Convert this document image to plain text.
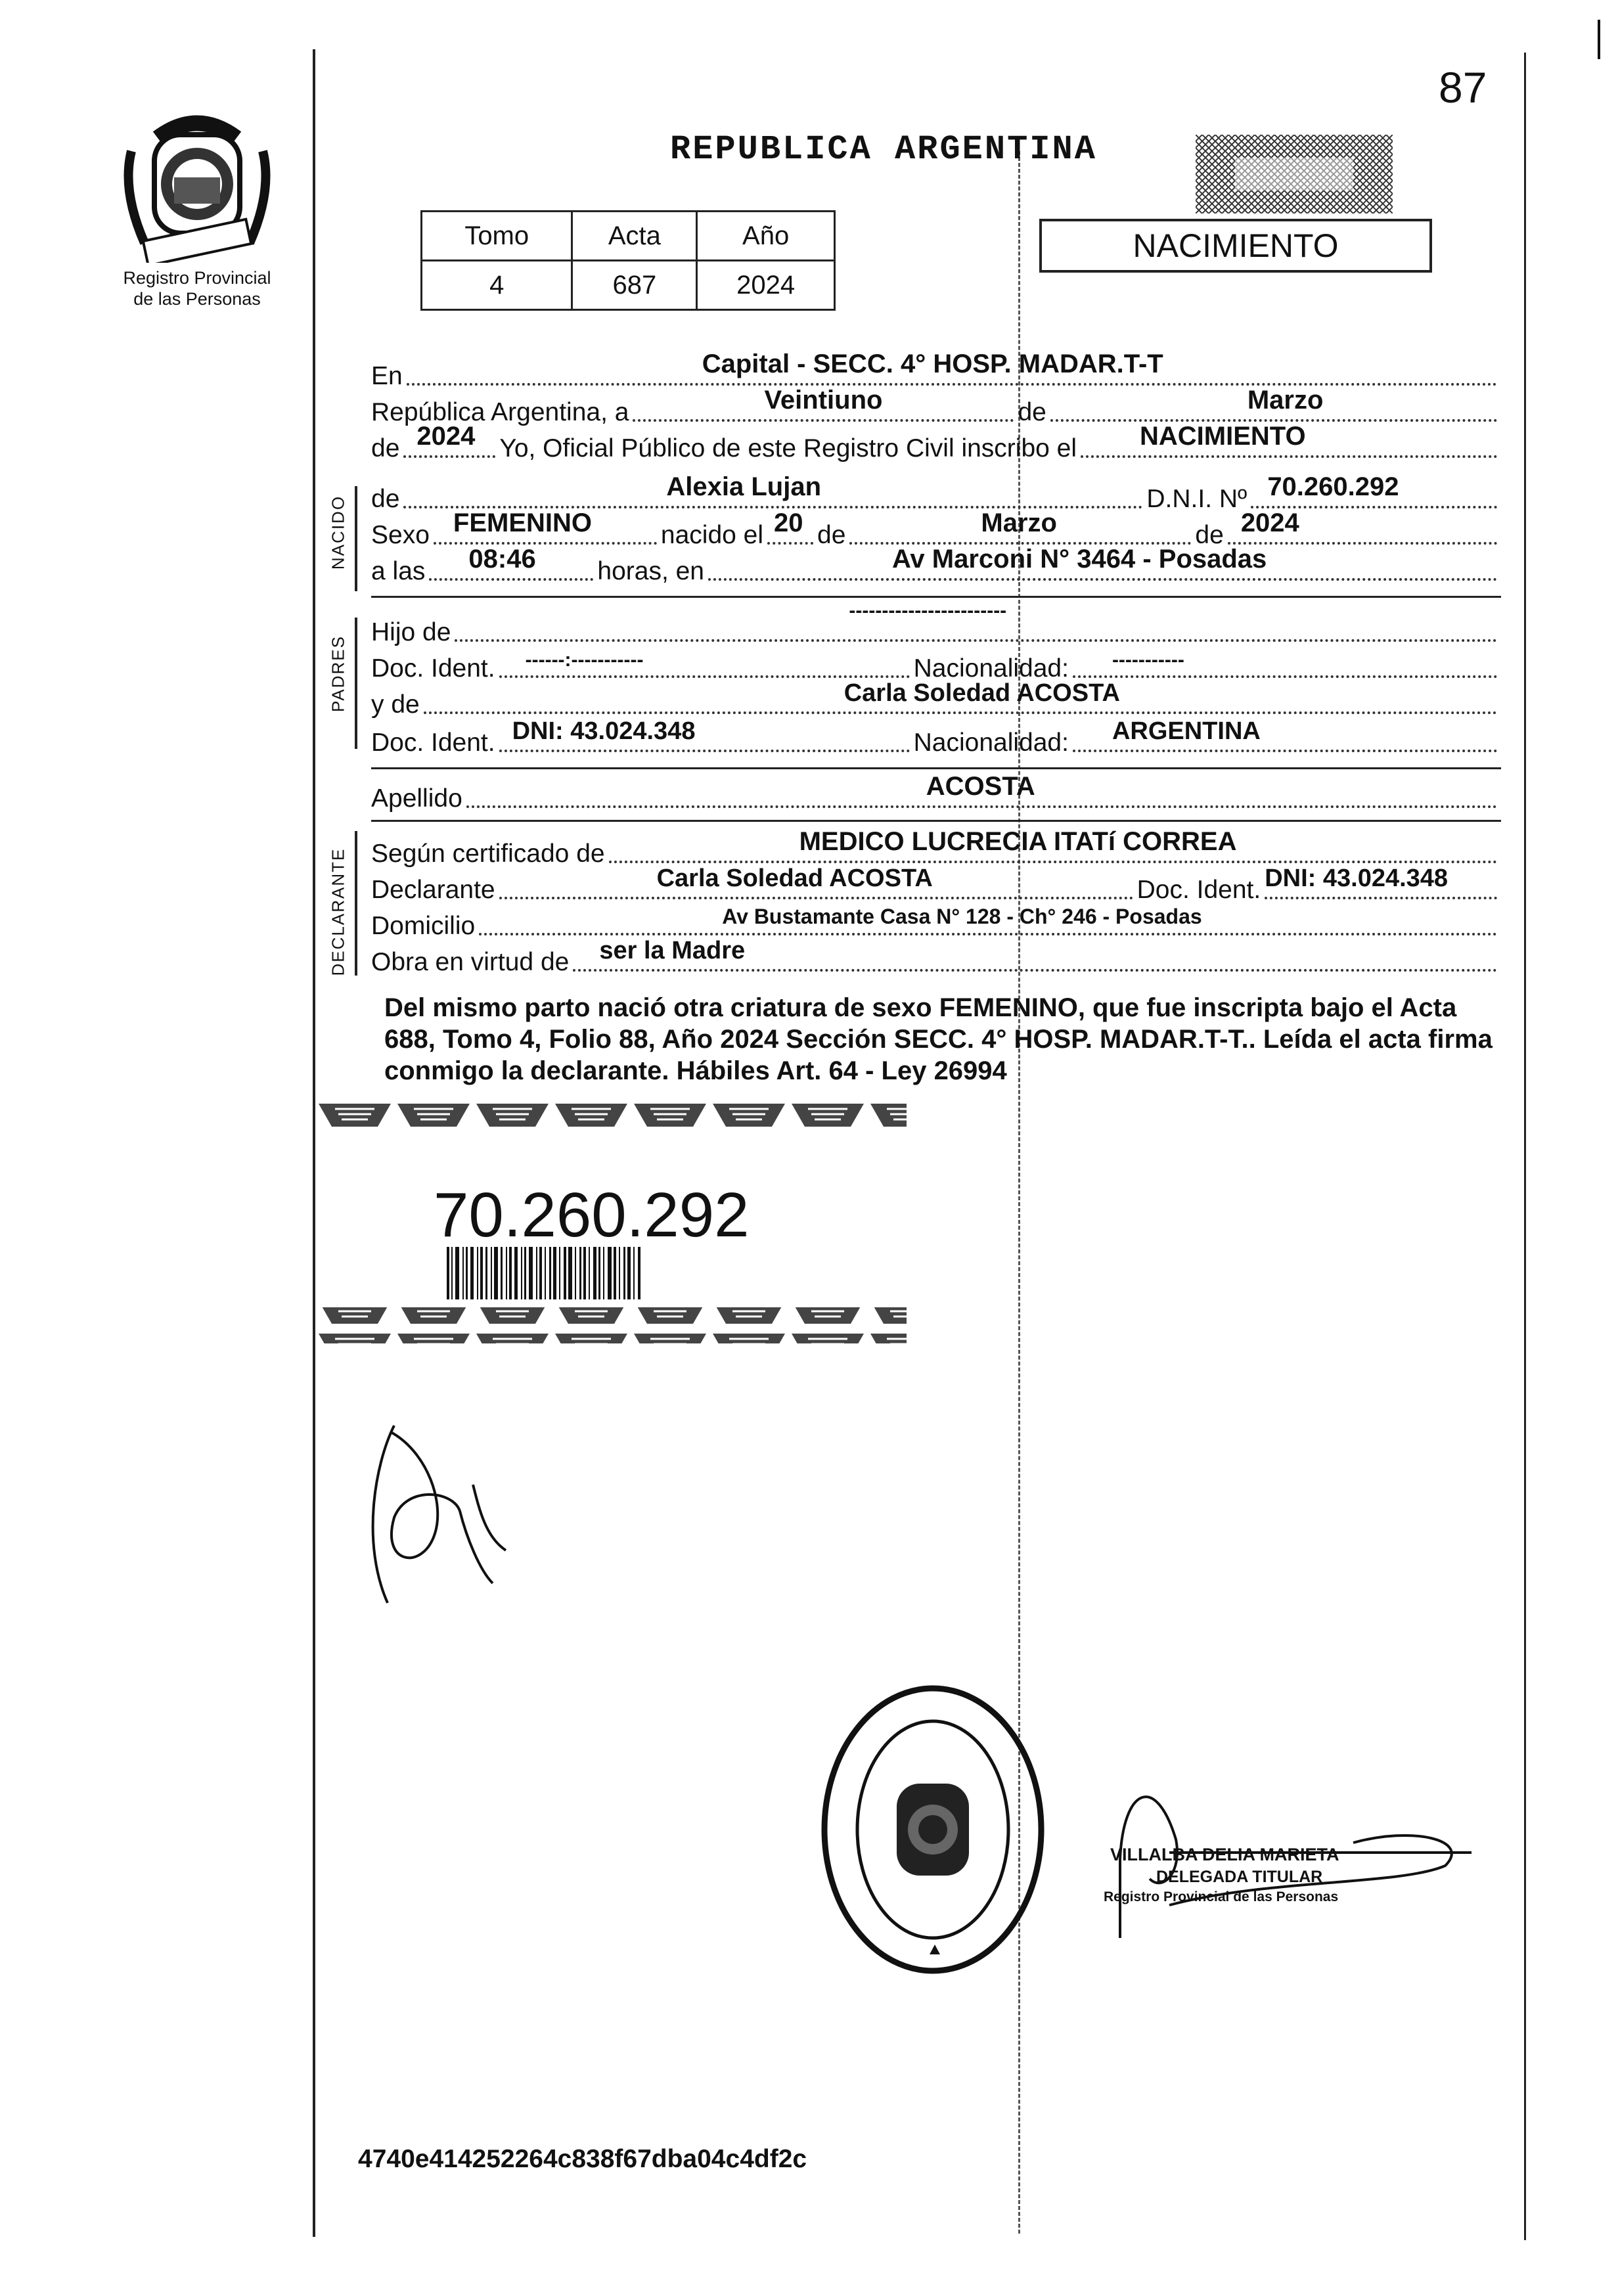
Registro Provincial
de las Personas
REPUBLICA ARGENTINA
87
Tomo	Acta	Año
4	687	2024
NACIMIENTO
NACIDO
PADRES
DECLARANTE
En	Capital - SECC. 4° HOSP. MADAR.T-T
República Argentina, a	Veintiuno	de	Marzo
de 2024 Yo, Oficial Público de este Registro Civil inscribo el NACIMIENTO
de	Alexia Lujan	D.N.I. Nº 70.260.292
Sexo FEMENINO	nacido el 20 de	Marzo	de 2024
a las 08:46 horas, en	Av Marconi N° 3464 - Posadas
Hijo de
------------------------
Doc. Ident. ------:-----------	Nacionalidad: -----------
y de	Carla Soledad ACOSTA
Doc. Ident. DNI: 43.024.348	Nacionalidad: ARGENTINA
Apellido	ACOSTA
Según certificado de	MEDICO LUCRECIA ITATí CORREA
Declarante	Carla Soledad ACOSTA	Doc. Ident. DNI: 43.024.348
Domicilio	Av Bustamante Casa N° 128 - Ch° 246 - Posadas
Obra en virtud de ser la Madre
Del mismo parto nació otra criatura de sexo FEMENINO, que fue inscripta bajo el Acta 688, Tomo 4, Folio 88, Año 2024 Sección SECC. 4° HOSP. MADAR.T-T.. Leída el acta firma conmigo la declarante. Hábiles Art. 64 - Ley 26994
70.260.292
VILLALBA DELIA MARIETA
DELEGADA TITULAR
Registro Provincial de las Personas
4740e414252264c838f67dba04c4df2c
